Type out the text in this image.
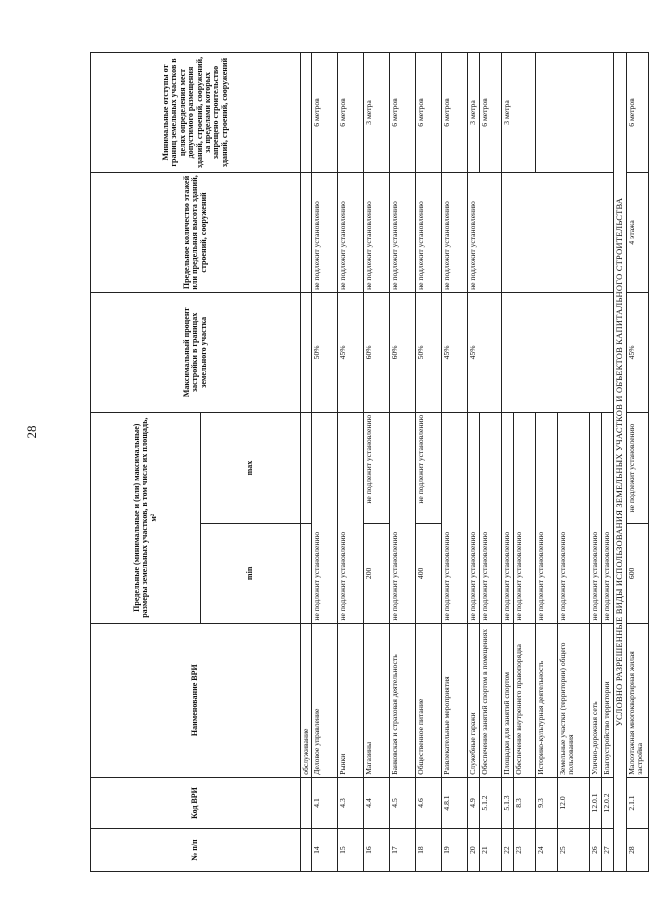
28
№ п/п	Код ВРИ	Наименование ВРИ	Предельные (минимальные и (или) максимальные) размеры земельных участков, в том числе их площадь, м²		Максимальный процент застройки в границах земельного участка	Предельное количество этажей или предельная высота зданий, строений, сооружений	Минимальные отступы от границ земельных участков в целях определения мест допустимого размещения зданий, строений, сооружений, за пределами которых запрещено строительство зданий, строений, сооружений
			min	max			
		обслуживание					
14	4.1	Деловое управление	не подлежит установлению		50%	не подлежит установлению	6 метров
15	4.3	Рынки	не подлежит установлению		45%	не подлежит установлению	6 метров
16	4.4	Магазины	200	не подлежит установлению	60%	не подлежит установлению	3 метра
17	4.5	Банковская и страховая деятельность	не подлежит установлению		60%	не подлежит установлению	6 метров
18	4.6	Общественное питание	400	не подлежит установлению	50%	не подлежит установлению	6 метров
19	4.8.1	Развлекательные мероприятия	не подлежит установлению		45%	не подлежит установлению	6 метров
20	4.9	Служебные гаражи	не подлежит установлению		45%	не подлежит установлению	3 метра
21	5.1.2	Обеспечение занятий спортом в помещениях	не подлежит установлению				6 метров
22	5.1.3	Площадки для занятий спортом	не подлежит установлению				3 метра
23	8.3	Обеспечение внутреннего правопорядка	не подлежит установлению				
24	9.3	Историко-культурная деятельность	не подлежит установлению				
25	12.0	Земельные участки (территории) общего пользования	не подлежит установлению				
26	12.0.1	Улично-дорожная сеть	не подлежит установлению				
27	12.0.2	Благоустройство территории	не подлежит установлению				
УСЛОВНО РАЗРЕШЕННЫЕ ВИДЫ ИСПОЛЬЗОВАНИЯ ЗЕМЕЛЬНЫХ УЧАСТКОВ И ОБЪЕКТОВ КАПИТАЛЬНОГО СТРОИТЕЛЬСТВА							
28	2.1.1	Малоэтажная многоквартирная жилая застройка	600	не подлежит установлению	45%	4 этажа	6 метров
